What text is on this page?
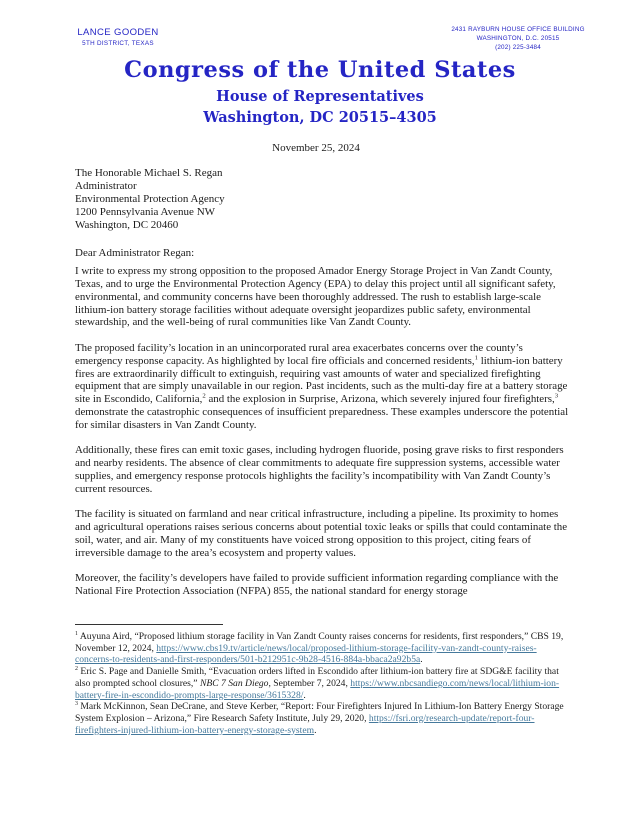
LANCE GOODEN
5TH DISTRICT, TEXAS
2431 RAYBURN HOUSE OFFICE BUILDING
WASHINGTON, D.C. 20515
(202) 225-3484
Congress of the United States
House of Representatives
Washington, DC 20515–4305
November 25, 2024
The Honorable Michael S. Regan
Administrator
Environmental Protection Agency
1200 Pennsylvania Avenue NW
Washington, DC 20460
Dear Administrator Regan:

I write to express my strong opposition to the proposed Amador Energy Storage Project in Van Zandt County, Texas, and to urge the Environmental Protection Agency (EPA) to delay this project until all significant safety, environmental, and community concerns have been thoroughly addressed. The rush to establish large-scale lithium-ion battery storage facilities without adequate oversight jeopardizes public safety, environmental stewardship, and the well-being of rural communities like Van Zandt County.

The proposed facility’s location in an unincorporated rural area exacerbates concerns over the county’s emergency response capacity. As highlighted by local fire officials and concerned residents,$^1$ lithium-ion battery fires are extraordinarily difficult to extinguish, requiring vast amounts of water and specialized firefighting equipment that are simply unavailable in our region. Past incidents, such as the multi-day fire at a battery storage site in Escondido, California,$^2$ and the explosion in Surprise, Arizona, which severely injured four firefighters,$^3$ demonstrate the catastrophic consequences of insufficient preparedness. These examples underscore the potential for similar disasters in Van Zandt County.

Additionally, these fires can emit toxic gases, including hydrogen fluoride, posing grave risks to first responders and nearby residents. The absence of clear commitments to adequate fire suppression systems, accessible water supplies, and emergency response protocols highlights the facility’s incompatibility with Van Zandt County’s current resources.

The facility is situated on farmland and near critical infrastructure, including a pipeline. Its proximity to homes and agricultural operations raises serious concerns about potential toxic leaks or spills that could contaminate the soil, water, and air. Many of my constituents have voiced strong opposition to this project, citing fears of irreversible damage to the area’s ecosystem and property values.

Moreover, the facility’s developers have failed to provide sufficient information regarding compliance with the National Fire Protection Association (NFPA) 855, the national standard for energy storage

$^1$ Auyuna Aird, “Proposed lithium storage facility in Van Zandt County raises concerns for residents, first responders,” CBS 19, November 12, 2024, https://www.cbs19.tv/article/news/local/proposed-lithium-storage-facility-van-zandt-county-raises-concerns-to-residents-and-first-responders/501-b212951c-9b28-4516-884a-bbaca2a92b5a.
$^2$ Eric S. Page and Danielle Smith, “Evacuation orders lifted in Escondido after lithium-ion battery fire at SDG&E facility that also prompted school closures,” NBC 7 San Diego, September 7, 2024, https://www.nbcsandiego.com/news/local/lithium-ion-battery-fire-in-escondido-prompts-large-response/3615328/.
$^3$ Mark McKinnon, Sean DeCrane, and Steve Kerber, “Report: Four Firefighters Injured In Lithium-Ion Battery Energy Storage System Explosion – Arizona,” Fire Research Safety Institute, July 29, 2020, https://fsri.org/research-update/report-four-firefighters-injured-lithium-ion-battery-energy-storage-system.
